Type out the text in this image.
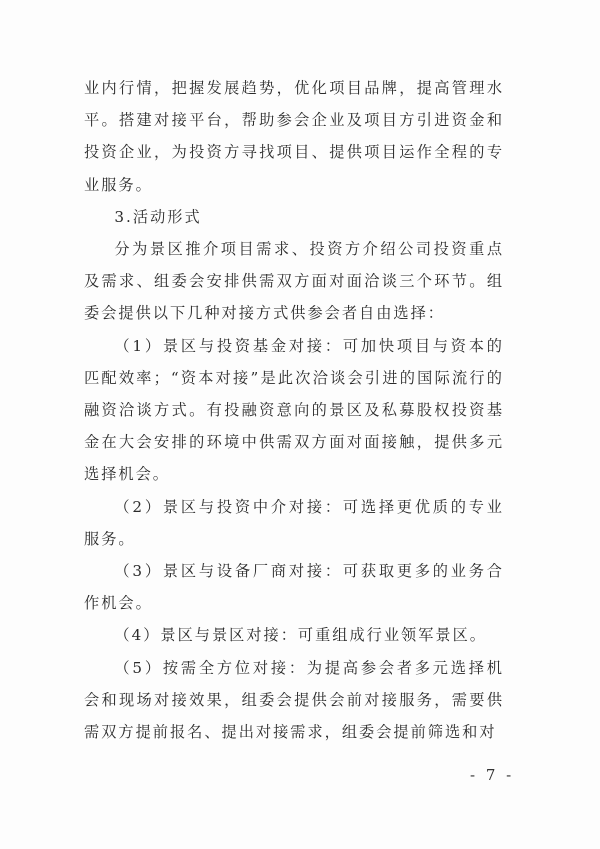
业内行情，把握发展趋势，优化项目品牌，提高管理水平。搭建对接平台，帮助参会企业及项目方引进资金和投资企业，为投资方寻找项目、提供项目运作全程的专业服务。

3.活动形式

分为景区推介项目需求、投资方介绍公司投资重点及需求、组委会安排供需双方面对面洽谈三个环节。组委会提供以下几种对接方式供参会者自由选择：

（1）景区与投资基金对接：可加快项目与资本的匹配效率；“资本对接”是此次洽谈会引进的国际流行的融资洽谈方式。有投融资意向的景区及私募股权投资基金在大会安排的环境中供需双方面对面接触，提供多元选择机会。

（2）景区与投资中介对接：可选择更优质的专业服务。

（3）景区与设备厂商对接：可获取更多的业务合作机会。

（4）景区与景区对接：可重组成行业领军景区。

（5）按需全方位对接：为提高参会者多元选择机会和现场对接效果，组委会提供会前对接服务，需要供需双方提前报名、提出对接需求，组委会提前筛选和对

- 7 -
